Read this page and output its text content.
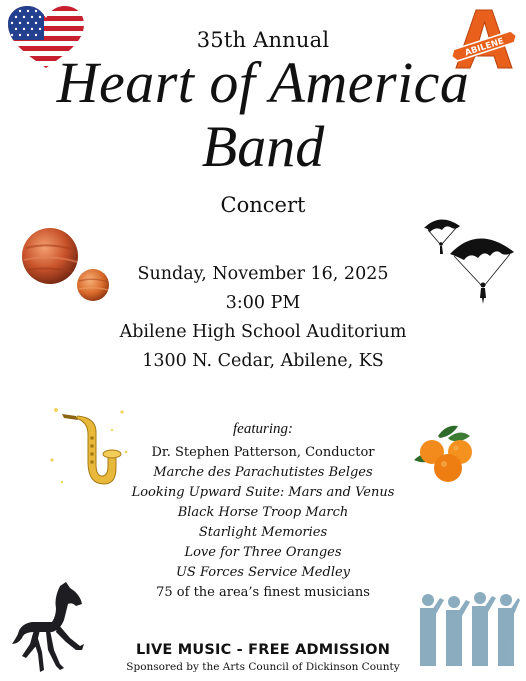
ABILENE
35th Annual
Heart of America
Band
Concert
Sunday, November 16, 2025
3:00 PM
Abilene High School Auditorium
1300 N. Cedar, Abilene, KS
featuring:
Dr. Stephen Patterson, Conductor
Marche des Parachutistes Belges
Looking Upward Suite: Mars and Venus
Black Horse Troop March
Starlight Memories
Love for Three Oranges
US Forces Service Medley
75 of the area’s finest musicians
LIVE MUSIC - FREE ADMISSION
Sponsored by the Arts Council of Dickinson County
